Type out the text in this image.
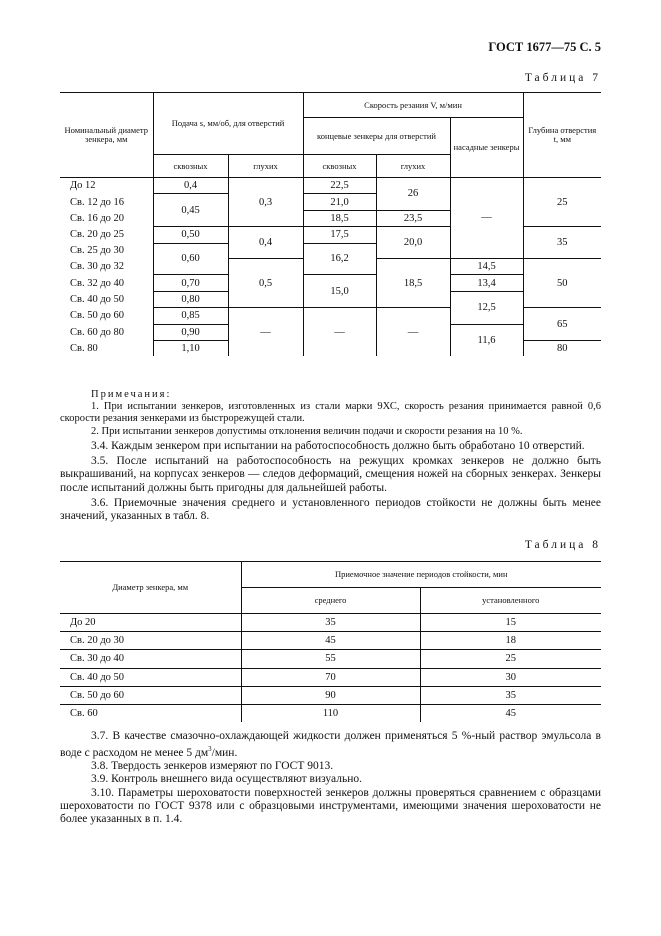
ГОСТ 1677—75 С. 5
Таблица 7
Номинальный диаметр зенкера, мм	Подача s, мм/об, для отверстий		Скорость резания V, м/мин			Глубина отверстия t, мм
			концевые зенкеры для отверстий		насадные зенкеры	
	сквозных	глухих	сквозных	глухих		
До 12	0,4	0,3	22,5	26	—	25
Св. 12 до 16	0,45		21,0			
Св. 16 до 20			18,5	23,5		
Св. 20 до 25	0,50	0,4	17,5	20,0		35
Св. 25 до 30	0,60		16,2			
Св. 30 до 32		0,5		18,5	14,5	50
Св. 32 до 40	0,70		15,0		13,4	
Св. 40 до 50	0,80				12,5	
Св. 50 до 60	0,85	—	—	—		65
Св. 60 до 80	0,90				11,6	
Св. 80	1,10					80

Примечания:

1. При испытании зенкеров, изготовленных из стали марки 9ХС, скорость резания принимается равной 0,6 скорости резания зенкерами из быстрорежущей стали.

2. При испытании зенкеров допустимы отклонения величин подачи и скорости резания на 10 %.

3.4. Каждым зенкером при испытании на работоспособность должно быть обработано 10 отверстий.

3.5. После испытаний на работоспособность на режущих кромках зенкеров не должно быть выкрашиваний, на корпусах зенкеров — следов деформаций, смещения ножей на сборных зенкерах. Зенкеры после испытаний должны быть пригодны для дальнейшей работы.

3.6. Приемочные значения среднего и установленного периодов стойкости не должны быть менее значений, указанных в табл. 8.

Таблица 8
Диаметр зенкера, мм	Приемочное значение периодов стойкости, мин	
	среднего	установленного
До 20	35	15
Св. 20 до 30	45	18
Св. 30 до 40	55	25
Св. 40 до 50	70	30
Св. 50 до 60	90	35
Св. 60	110	45

3.7. В качестве смазочно-охлаждающей жидкости должен применяться 5 %-ный раствор эмульсола в воде с расходом не менее 5 $дм^3$/мин.

3.8. Твердость зенкеров измеряют по ГОСТ 9013.

3.9. Контроль внешнего вида осуществляют визуально.

3.10. Параметры шероховатости поверхностей зенкеров должны проверяться сравнением с образцами шероховатости по ГОСТ 9378 или с образцовыми инструментами, имеющими значения шероховатости не более указанных в п. 1.4.
